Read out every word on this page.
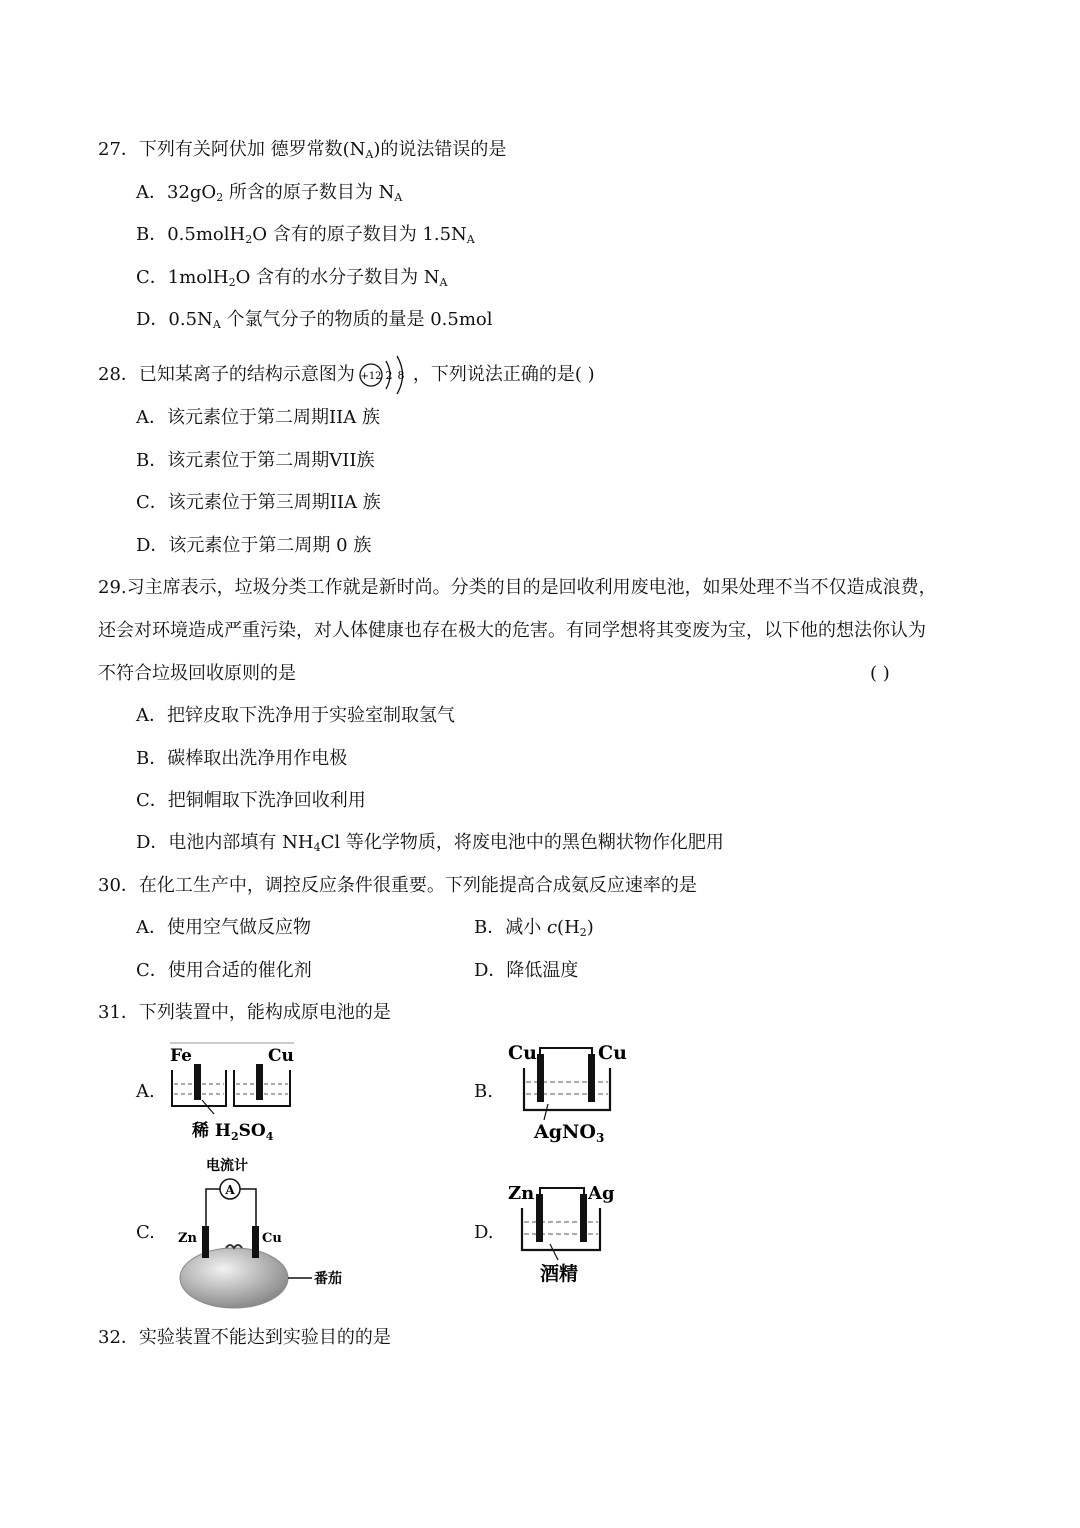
27．下列有关阿伏加 德罗常数$(N_A)$的说法错误的是
A．$32gO_2$ 所含的原子数目为 $N_A$
B．0.5molH$_2$O 含有的原子数目为 $1.5N_A$
C．1molH$_2$O 含有的水分子数目为 $N_A$
D．$0.5N_A$ 个氯气分子的物质的量是 0.5mol
28．已知某离子的结构示意图为 +12 2 8 ，下列说法正确的是( )
A．该元素位于第二周期IIA 族
B．该元素位于第二周期VII族
C．该元素位于第三周期IIA 族
D．该元素位于第二周期 0 族
29.习主席表示，垃圾分类工作就是新时尚。分类的目的是回收利用废电池，如果处理不当不仅造成浪费，
还会对环境造成严重污染，对人体健康也存在极大的危害。有同学想将其变废为宝，以下他的想法你认为
不符合垃圾回收原则的是	( )
A．把锌皮取下洗净用于实验室制取氢气
B．碳棒取出洗净用作电极
C．把铜帽取下洗净回收利用
D．电池内部填有 $NH_4Cl$ 等化学物质，将废电池中的黑色糊状物作化肥用
30．在化工生产中，调控反应条件很重要。下列能提高合成氨反应速率的是
A．使用空气做反应物	B．减小 $c(H_2)$
C．使用合适的催化剂	D．降低温度
31．下列装置中，能构成原电池的是
A.
Fe	Cu
稀 $H_2SO_4$
B.
Cu	Cu
AgNO$_3$
C.
电流计
A
Zn	Cu
番茄
D.
Zn	Ag
酒精
32．实验装置不能达到实验目的的是
